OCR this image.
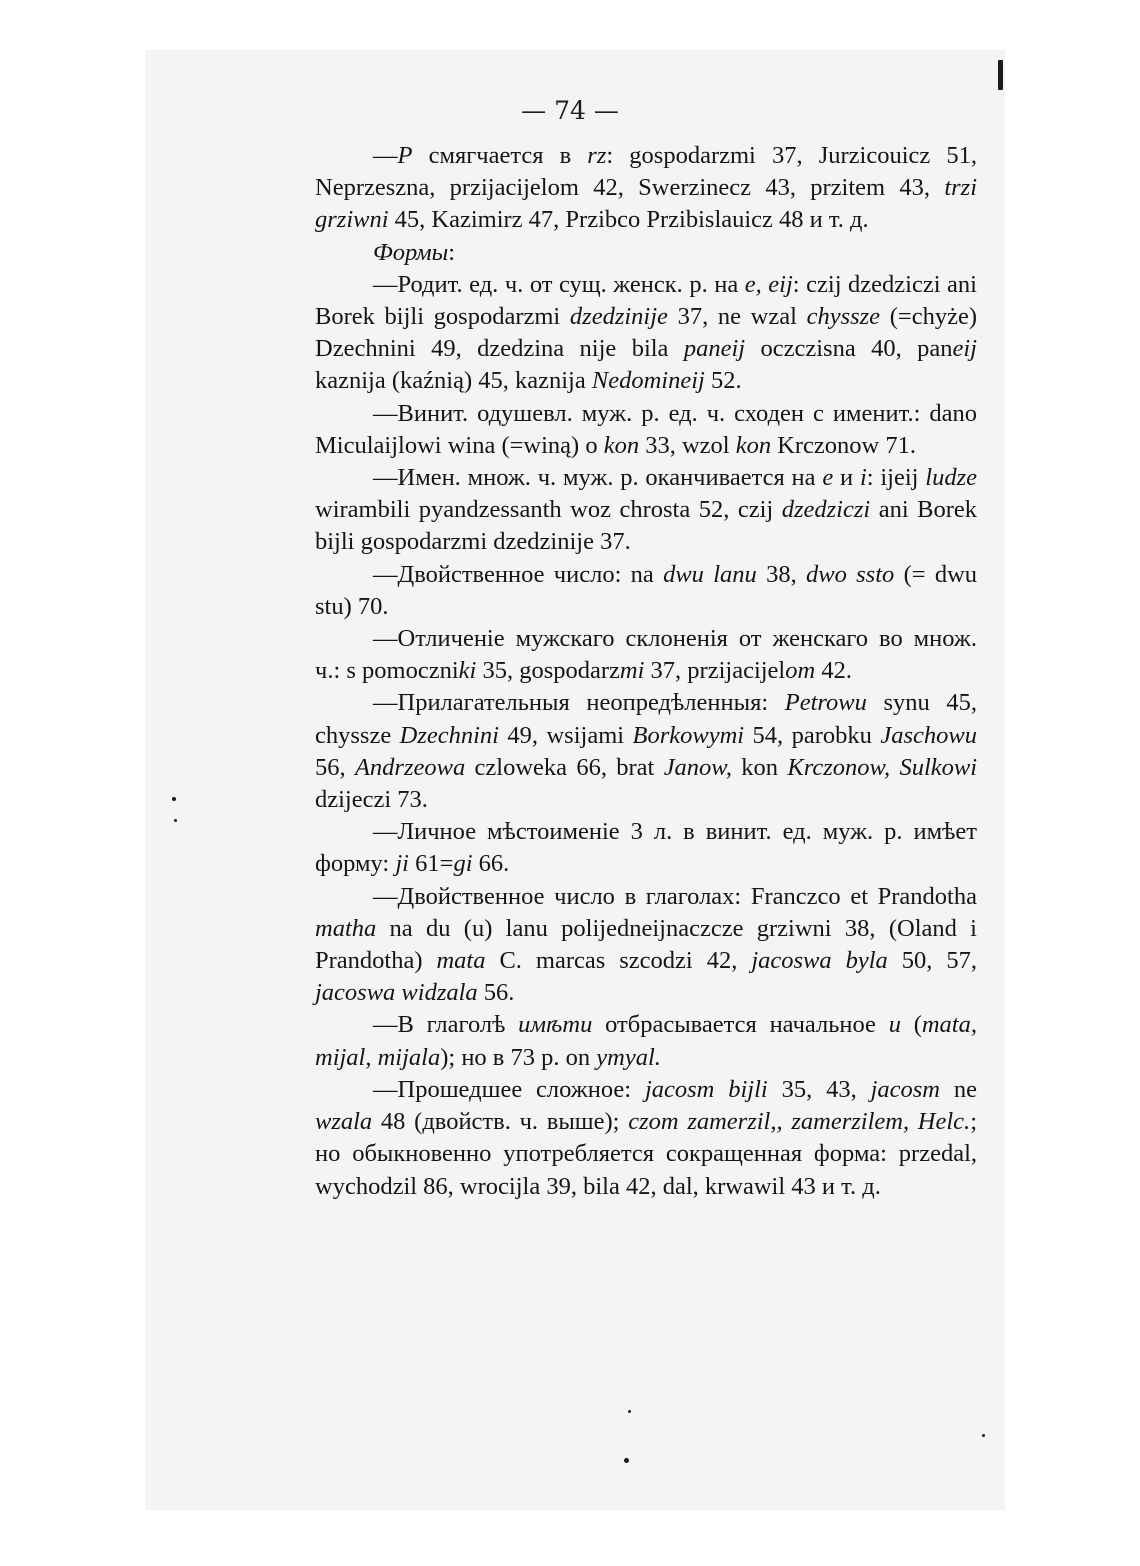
— 74 —

—P смягчается в rz: gospodarzmi 37, Jurzicouicz 51, Neprzeszna, przijacijelom 42, Swerzinecz 43, przitem 43, trzi grziwni 45, Kazimirz 47, Przibco Przibislauicz 48 и т. д.

Формы:

—Родит. ед. ч. от сущ. женск. р. на e, eij: czij dzedziczi ani Borek bijli gospodarzmi dzedzinije 37, ne wzal chyssze (=chyże) Dzechnini 49, dzedzina nije bila paneij oczczisna 40, paneij kaznija (kaźnią) 45, kaznija Nedomineij 52.

—Винит. одушевл. муж. р. ед. ч. сходен с именит.: dano Miculaijlowi wina (=winą) o kon 33, wzol kon Krczonow 71.

—Имен. множ. ч. муж. р. оканчивается на e и i: ijeij ludze wirambili pyandzessanth woz chrosta 52, czij dzedziczi ani Borek bijli gospodarzmi dzedzinije 37.

—Двойственное число: na dwu lanu 38, dwo ssto (= dwu stu) 70.

—Отличеніе мужскаго склоненія от женскаго во множ. ч.: s pomoczniki 35, gospodarzmi 37, przijacijelom 42.

—Прилагательныя неопредѣленныя: Petrowu synu 45, chyssze Dzechnini 49, wsijami Borkowymi 54, parobku Jaschowu 56, Andrzeowa czloweka 66, brat Janow, kon Krczonow, Sulkowi dzijeczi 73.

—Личное мѣстоименіе 3 л. в винит. ед. муж. р. имѣет форму: ji 61=gi 66.

—Двойственное число в глаголах: Franczco et Prandotha matha na du (u) lanu polijedneijnaczcze grziwni 38, (Oland i Prandotha) mata C. marcas szcodzi 42, jacoswa byla 50, 57, jacoswa widzala 56.

—В глаголѣ имѣти отбрасывается начальное и (mata, mijal, mijala); но в 73 р. on ymyal.

—Прошедшее сложное: jacosm bijli 35, 43, jacosm ne wzala 48 (двойств. ч. выше); czom zamerzil,, zamerzilem, Helc.; но обыкновенно употребляется сокращенная форма: przedal, wychodzil 86, wrocijla 39, bila 42, dal, krwawil 43 и т. д.
